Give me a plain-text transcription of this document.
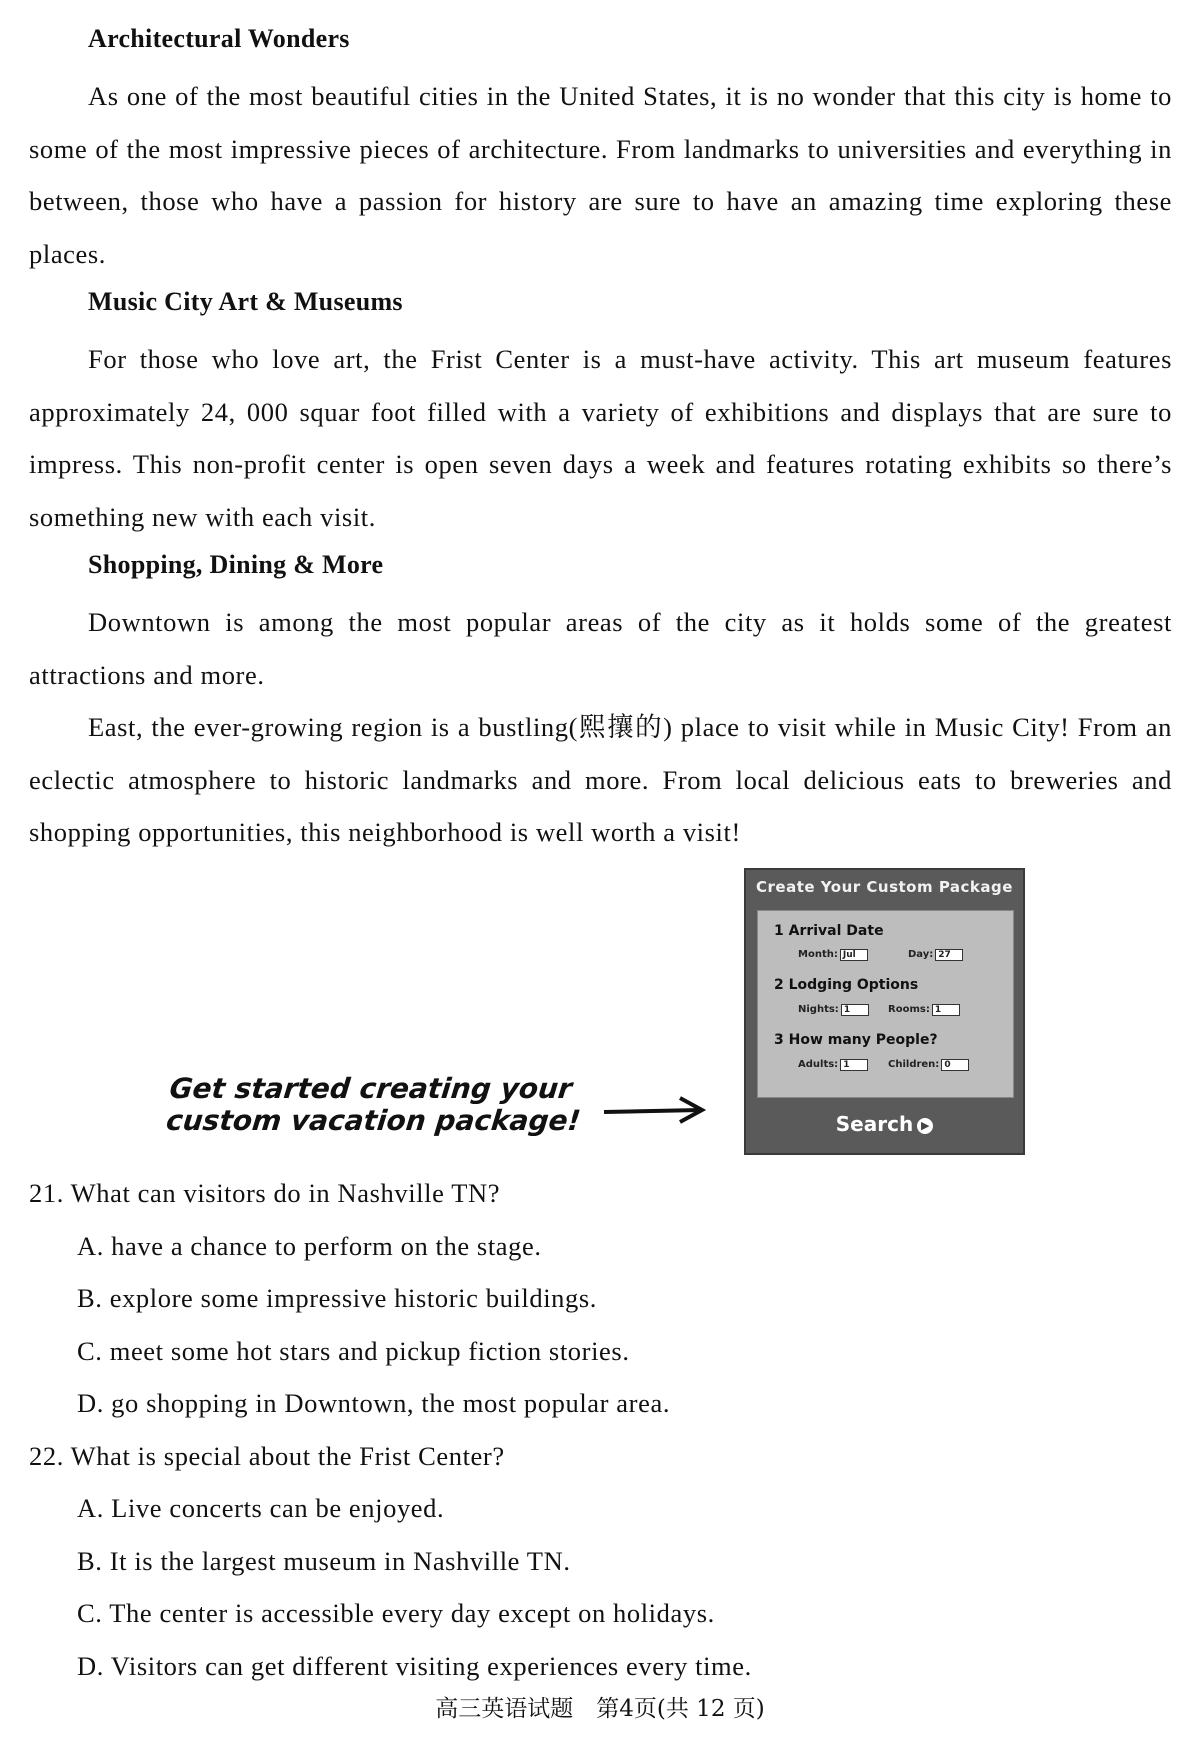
Architectural Wonders
As one of the most beautiful cities in the United States, it is no wonder that this city is home to some of the most impressive pieces of architecture. From landmarks to universities and everything in between, those who have a passion for history are sure to have an amazing time exploring these places.
Music City Art & Museums
For those who love art, the Frist Center is a must-have activity. This art museum features approximately 24, 000 squar foot filled with a variety of exhibitions and displays that are sure to impress. This non-profit center is open seven days a week and features rotating exhibits so there’s something new with each visit.
Shopping, Dining & More
Downtown is among the most popular areas of the city as it holds some of the greatest attractions and more.
East, the ever-growing region is a bustling(熙攘的) place to visit while in Music City! From an eclectic atmosphere to historic landmarks and more. From local delicious eats to breweries and shopping opportunities, this neighborhood is well worth a visit!
Get started creating your
custom vacation package!
Create Your Custom Package
1 Arrival Date
Month: Jul	Day: 27
2 Lodging Options
Nights: 1	Rooms: 1
3 How many People?
Adults: 1	Children: 0
Search ▶
21. What can visitors do in Nashville TN?
A. have a chance to perform on the stage.
B. explore some impressive historic buildings.
C. meet some hot stars and pickup fiction stories.
D. go shopping in Downtown, the most popular area.
22. What is special about the Frist Center?
A. Live concerts can be enjoyed.
B. It is the largest museum in Nashville TN.
C. The center is accessible every day except on holidays.
D. Visitors can get different visiting experiences every time.
高三英语试题　第4页(共 12 页)
